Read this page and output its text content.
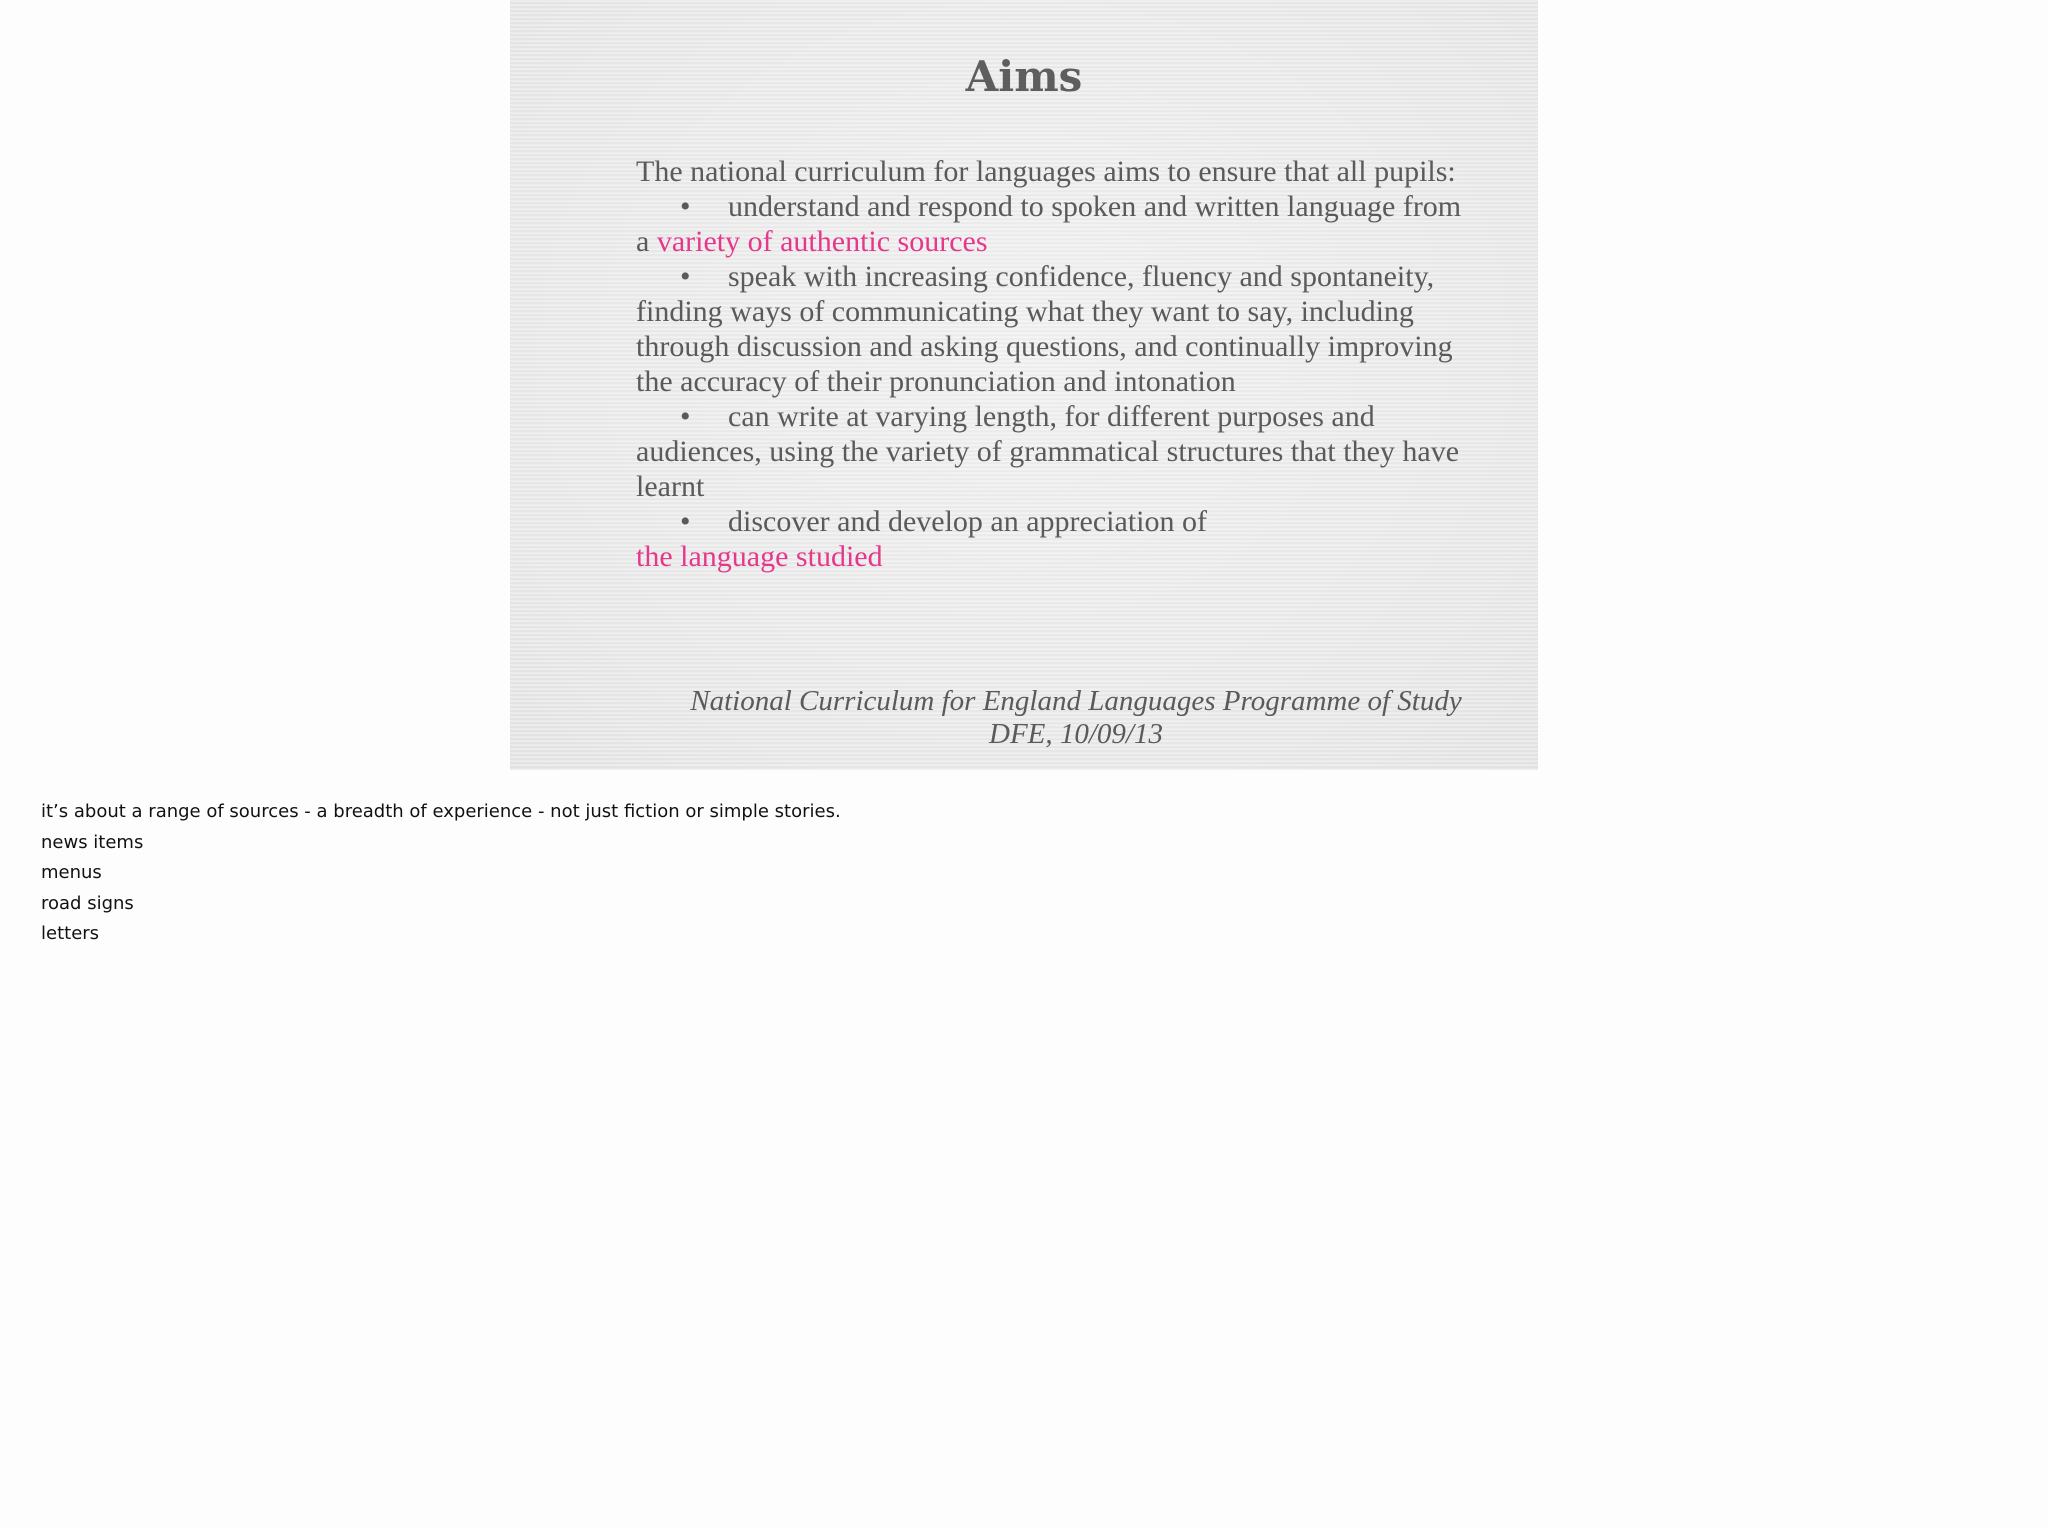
Aims
The national curriculum for languages aims to ensure that all pupils:
• understand and respond to spoken and written language from
a variety of authentic sources
• speak with increasing confidence, fluency and spontaneity,
finding ways of communicating what they want to say, including
through discussion and asking questions, and continually improving
the accuracy of their pronunciation and intonation
• can write at varying length, for different purposes and
audiences, using the variety of grammatical structures that they have
learnt
• discover and develop an appreciation of
the language studied
National Curriculum for England Languages Programme of Study
DFE, 10/09/13
it’s about a range of sources - a breadth of experience - not just fiction or simple stories.
news items
menus
road signs
letters
